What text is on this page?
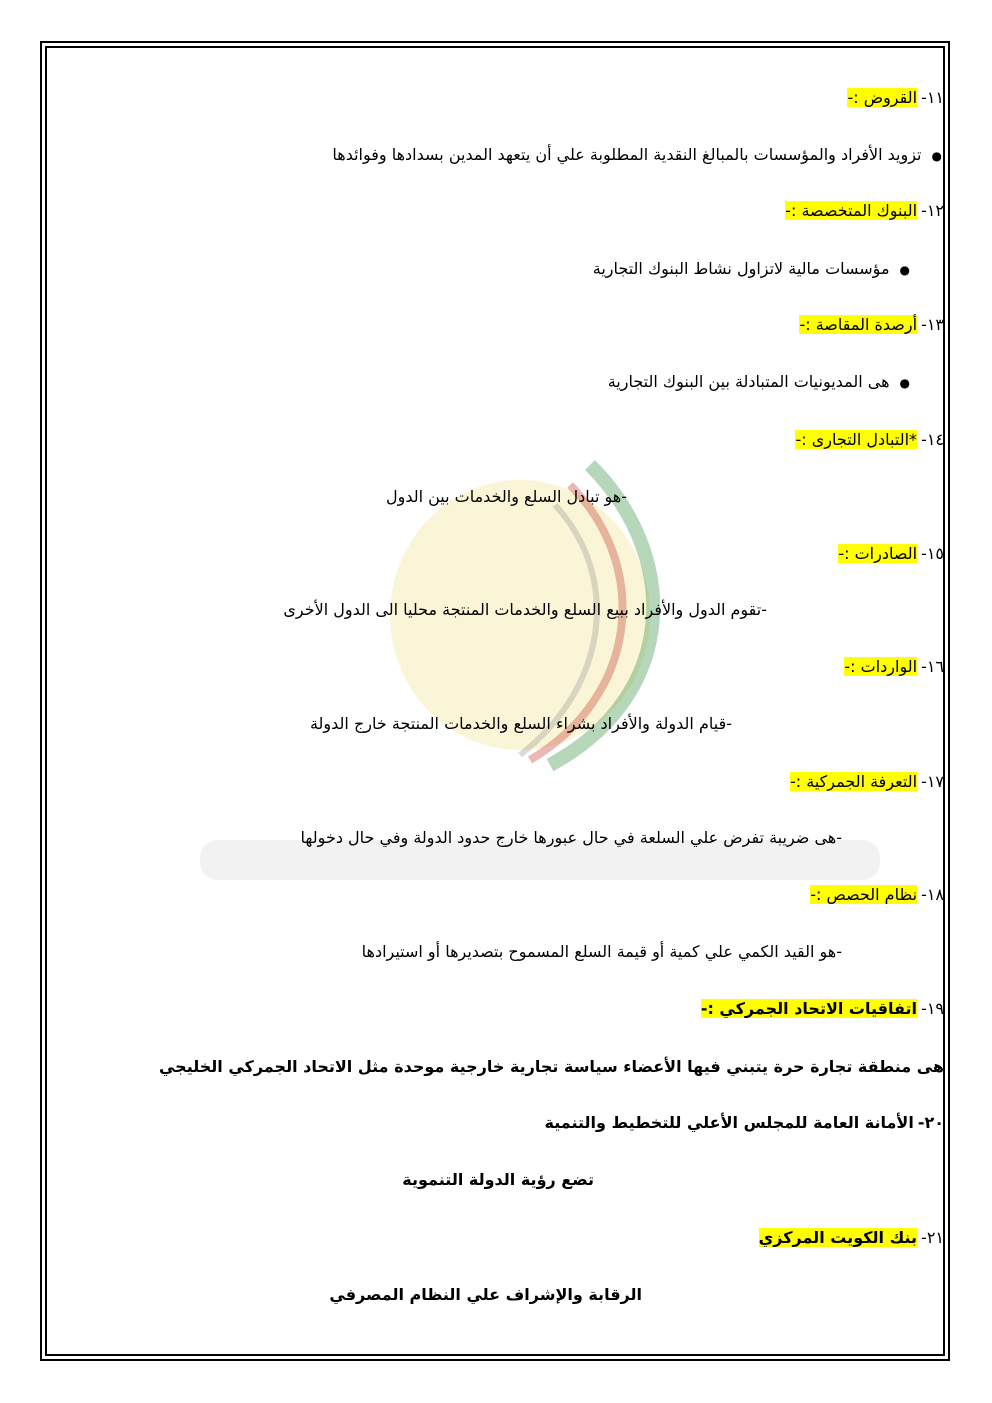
١١-القروض :-
●تزويد الأفراد والمؤسسات بالمبالغ النقدية المطلوبة علي أن يتعهد المدين بسدادها وفوائدها
١٢-البنوك المتخصصة :-
●مؤسسات مالية لاتزاول نشاط البنوك التجارية
١٣-أرصدة المقاصة :-
●هى المديونيات المتبادلة بين البنوك التجارية
١٤-*التبادل التجارى :-
-هو تبادل السلع والخدمات بين الدول
١٥-الصادرات :-
-تقوم الدول والأفراد ببيع السلع والخدمات المنتجة محليا الى الدول الأخرى
١٦-الواردات :-
-قيام الدولة والأفراد بشراء السلع والخدمات المنتجة خارج الدولة
١٧-التعرفة الجمركية :-
-هى ضريبة تفرض علي السلعة في حال عبورها خارج حدود الدولة وفي حال دخولها
١٨-نظام الحصص :-
-هو القيد الكمي علي كمية أو قيمة السلع المسموح بتصديرها أو استيرادها
١٩-اتفاقيات الاتحاد الجمركي :-
هى منطقة تجارة حرة يتبني فيها الأعضاء سياسة تجارية خارجية موحدة مثل الاتحاد الجمركي الخليجي
٢٠-الأمانة العامة للمجلس الأعلي للتخطيط والتنمية
تضع رؤية الدولة التنموية
٢١-بنك الكويت المركزي
الرقابة والإشراف علي النظام المصرفي
